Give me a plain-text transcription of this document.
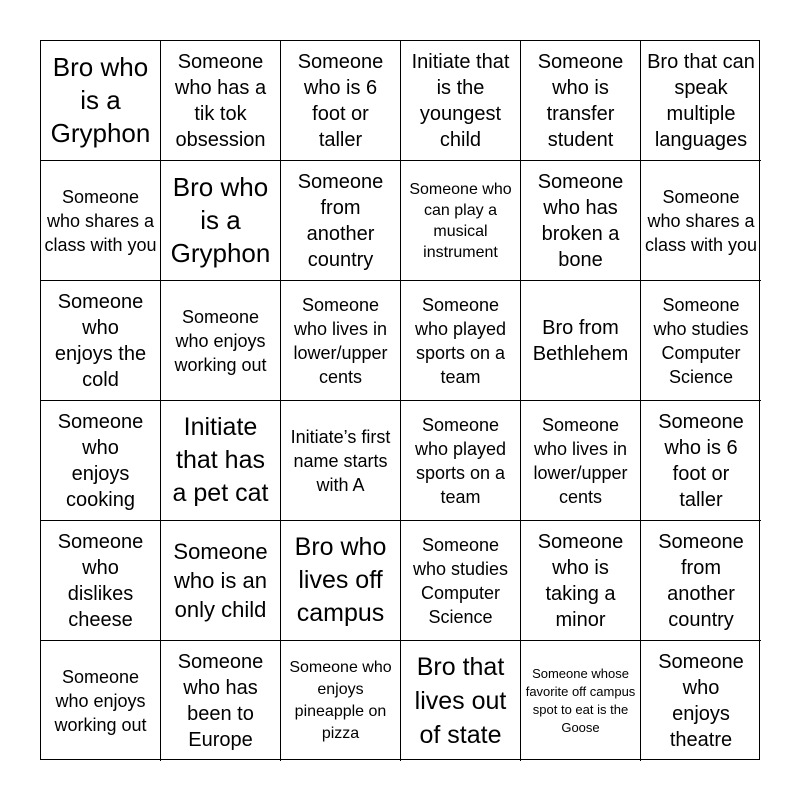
Bro who is a Gryphon
Someone who has a tik tok obsession
Someone who is 6 foot or taller
Initiate that is the youngest child
Someone who is transfer student
Bro that can speak multiple languages
Someone who shares a class with you
Bro who is a Gryphon
Someone from another country
Someone who can play a musical instrument
Someone who has broken a bone
Someone who shares a class with you
Someone who enjoys the cold
Someone who enjoys working out
Someone who lives in lower/upper cents
Someone who played sports on a team
Bro from Bethlehem
Someone who studies Computer Science
Someone who enjoys cooking
Initiate that has a pet cat
Initiate’s first name starts with A
Someone who played sports on a team
Someone who lives in lower/upper cents
Someone who is 6 foot or taller
Someone who dislikes cheese
Someone who is an only child
Bro who lives off campus
Someone who studies Computer Science
Someone who is taking a minor
Someone from another country
Someone who enjoys working out
Someone who has been to Europe
Someone who enjoys pineapple on pizza
Bro that lives out of state
Someone whose favorite off campus spot to eat is the Goose
Someone who enjoys theatre
